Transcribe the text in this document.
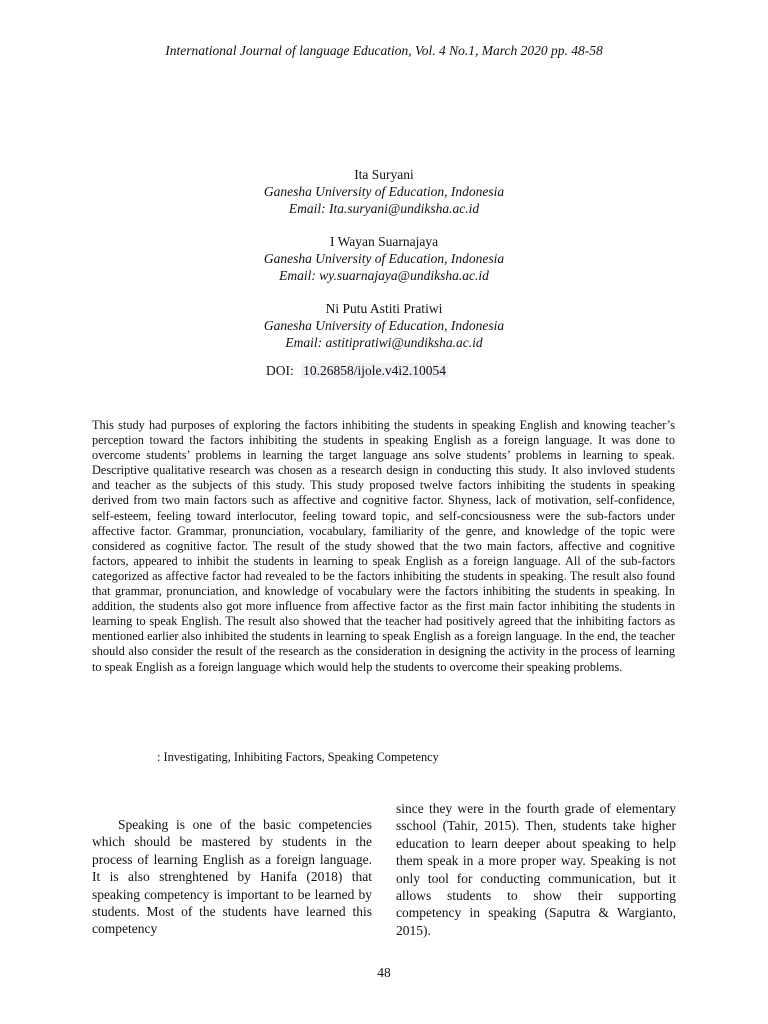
International Journal of language Education, Vol. 4 No.1, March 2020 pp. 48-58
Ita Suryani
Ganesha University of Education, Indonesia
Email: Ita.suryani@undiksha.ac.id
I Wayan Suarnajaya
Ganesha University of Education, Indonesia
Email: wy.suarnajaya@undiksha.ac.id
Ni Putu Astiti Pratiwi
Ganesha University of Education, Indonesia
Email: astitipratiwi@undiksha.ac.id
DOI: 10.26858/ijole.v4i2.10054
This study had purposes of exploring the factors inhibiting the students in speaking English and knowing teacher’s perception toward the factors inhibiting the students in speaking English as a foreign language. It was done to overcome students’ problems in learning the target language ans solve students’ problems in learning to speak. Descriptive qualitative research was chosen as a research design in conducting this study. It also invloved students and teacher as the subjects of this study. This study proposed twelve factors inhibiting the students in speaking derived from two main factors such as affective and cognitive factor. Shyness, lack of motivation, self-confidence, self-esteem, feeling toward interlocutor, feeling toward topic, and self-concsiousness were the sub-factors under affective factor. Grammar, pronunciation, vocabulary, familiarity of the genre, and knowledge of the topic were considered as cognitive factor. The result of the study showed that the two main factors, affective and cognitive factors, appeared to inhibit the students in learning to speak English as a foreign language. All of the sub-factors categorized as affective factor had revealed to be the factors inhibiting the students in speaking. The result also found that grammar, pronunciation, and knowledge of vocabulary were the factors inhibiting the students in speaking. In addition, the students also got more influence from affective factor as the first main factor inhibiting the students in learning to speak English. The result also showed that the teacher had positively agreed that the inhibiting factors as mentioned earlier also inhibited the students in learning to speak English as a foreign language. In the end, the teacher should also consider the result of the research as the consideration in designing the activity in the process of learning to speak English as a foreign language which would help the students to overcome their speaking problems.
: Investigating, Inhibiting Factors, Speaking Competency
Speaking is one of the basic competencies which should be mastered by students in the process of learning English as a foreign language. It is also strenghtened by Hanifa (2018) that speaking competency is important to be learned by students. Most of the students have learned this competency
since they were in the fourth grade of elementary sschool (Tahir, 2015). Then, students take higher education to learn deeper about speaking to help them speak in a more proper way. Speaking is not only tool for conducting communication, but it allows students to show their supporting competency in speaking (Saputra & Wargianto, 2015).
48
